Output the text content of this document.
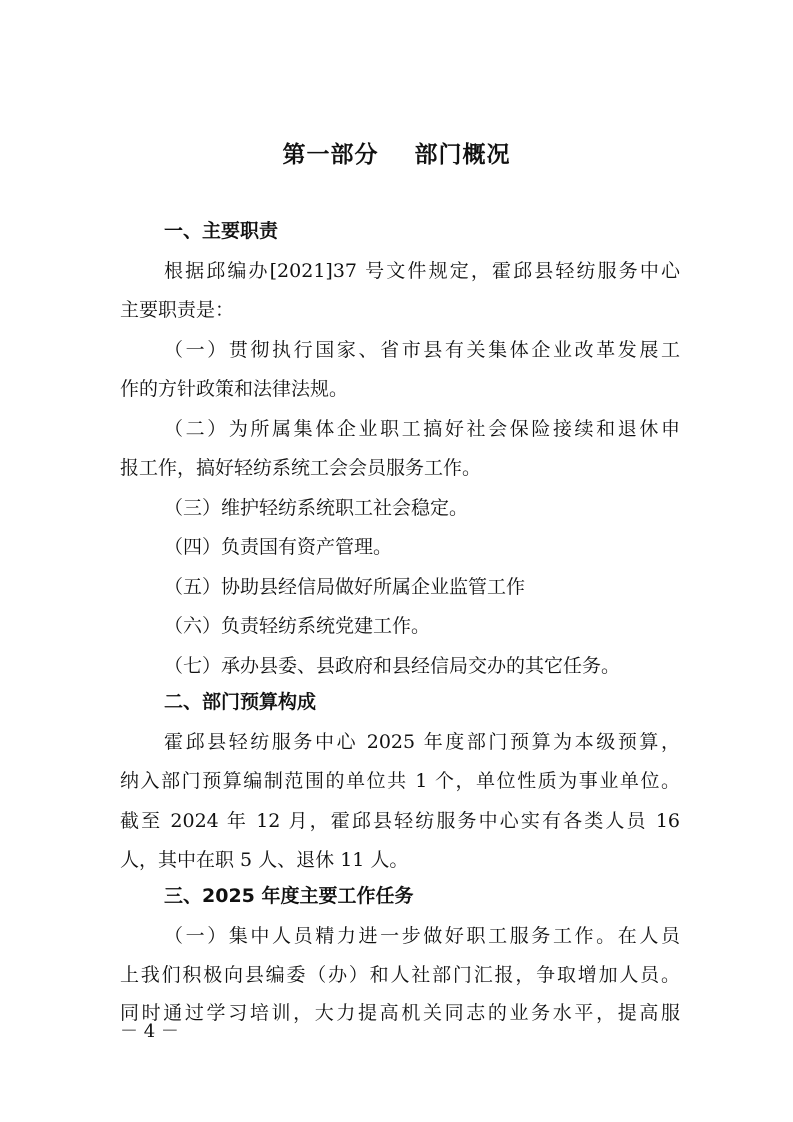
第一部分    部门概况
一、主要职责
根据邱编办[2021]37 号文件规定，霍邱县轻纺服务中心
主要职责是：
（一）贯彻执行国家、省市县有关集体企业改革发展工
作的方针政策和法律法规。
（二）为所属集体企业职工搞好社会保险接续和退休申
报工作，搞好轻纺系统工会会员服务工作。
（三）维护轻纺系统职工社会稳定。
（四）负责国有资产管理。
（五）协助县经信局做好所属企业监管工作
（六）负责轻纺系统党建工作。
（七）承办县委、县政府和县经信局交办的其它任务。
二、部门预算构成
霍邱县轻纺服务中心 2025 年度部门预算为本级预算，
纳入部门预算编制范围的单位共 1 个，单位性质为事业单位。
截至 2024 年 12 月，霍邱县轻纺服务中心实有各类人员 16
人，其中在职 5 人、退休 11 人。
三、2025 年度主要工作任务
（一）集中人员精力进一步做好职工服务工作。在人员
上我们积极向县编委（办）和人社部门汇报，争取增加人员。
同时通过学习培训，大力提高机关同志的业务水平，提高服
－ 4 －
